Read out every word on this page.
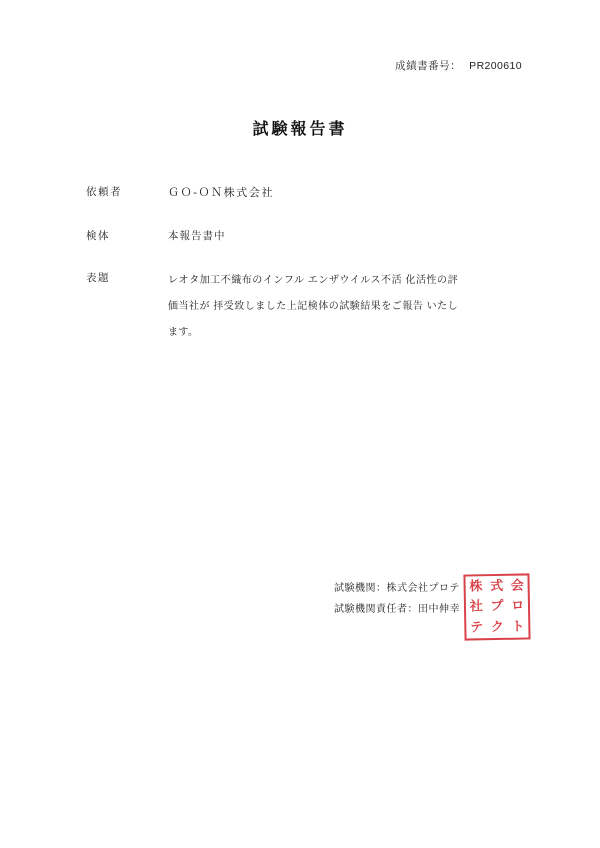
成績書番号： PR200610
試験報告書
依頼者	ＧＯ-ＯＮ株式会社
検体	本報告書中
表題	レオタ加工不織布のインフル エンザウイルス不活 化活性の評価当社が 拝受致しました上記検体の試験結果をご報告 いたします。
試験機関：株式会社プロテ
試験機関責任者：田中伸幸
株 式 会
社 プ ロ
テ ク ト
